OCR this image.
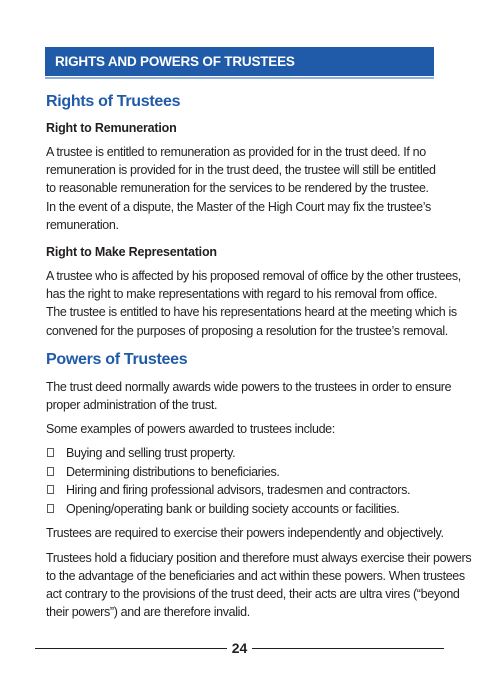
RIGHTS AND POWERS OF TRUSTEES
Rights of Trustees
Right to Remuneration
A trustee is entitled to remuneration as provided for in the trust deed. If no
remuneration is provided for in the trust deed, the trustee will still be entitled
to reasonable remuneration for the services to be rendered by the trustee.
In the event of a dispute, the Master of the High Court may fix the trustee’s
remuneration.
Right to Make Representation
A trustee who is affected by his proposed removal of office by the other trustees,
has the right to make representations with regard to his removal from office.
The trustee is entitled to have his representations heard at the meeting which is
convened for the purposes of proposing a resolution for the trustee’s removal.
Powers of Trustees
The trust deed normally awards wide powers to the trustees in order to ensure
proper administration of the trust.
Some examples of powers awarded to trustees include:
Buying and selling trust property.
Determining distributions to beneficiaries.
Hiring and firing professional advisors, tradesmen and contractors.
Opening/operating bank or building society accounts or facilities.
Trustees are required to exercise their powers independently and objectively.
Trustees hold a fiduciary position and therefore must always exercise their powers
to the advantage of the beneficiaries and act within these powers. When trustees
act contrary to the provisions of the trust deed, their acts are ultra vires (“beyond
their powers”) and are therefore invalid.
24
